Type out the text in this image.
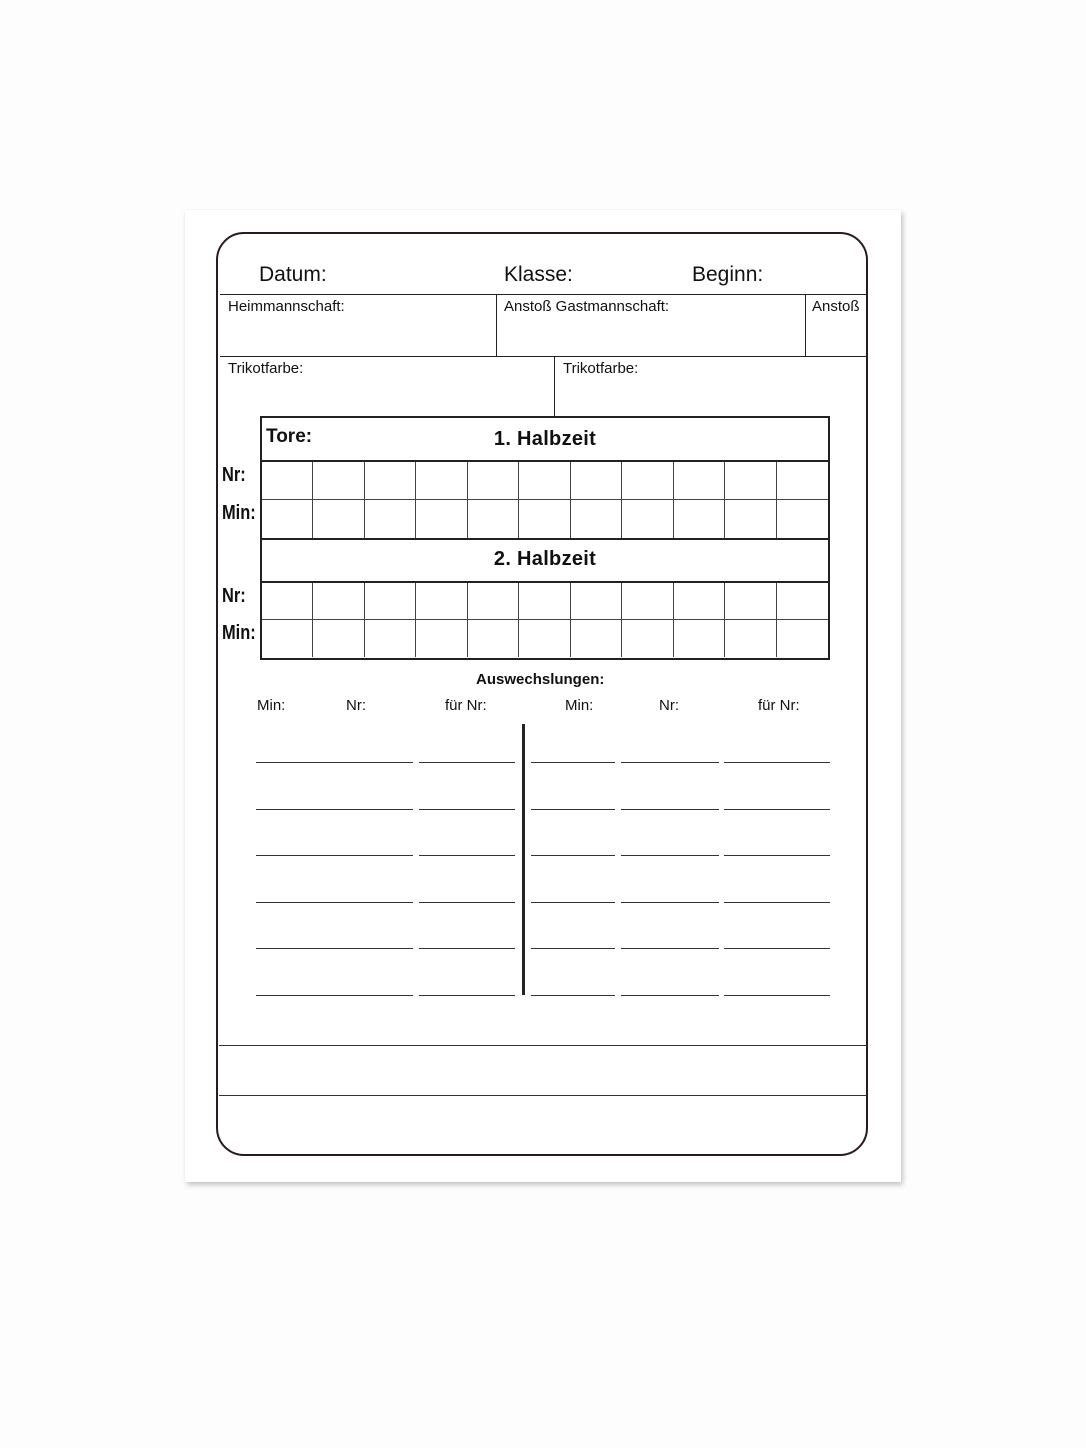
Datum:	Klasse:	Beginn:
Heimmannschaft:	Anstoß Gastmannschaft:	Anstoß
Trikotfarbe:	Trikotfarbe:
Tore:	1. Halbzeit
2. Halbzeit
Nr:
Min:
Nr:
Min:
Auswechslungen:
Min:	Nr:	für Nr:	Min:	Nr:	für Nr:
